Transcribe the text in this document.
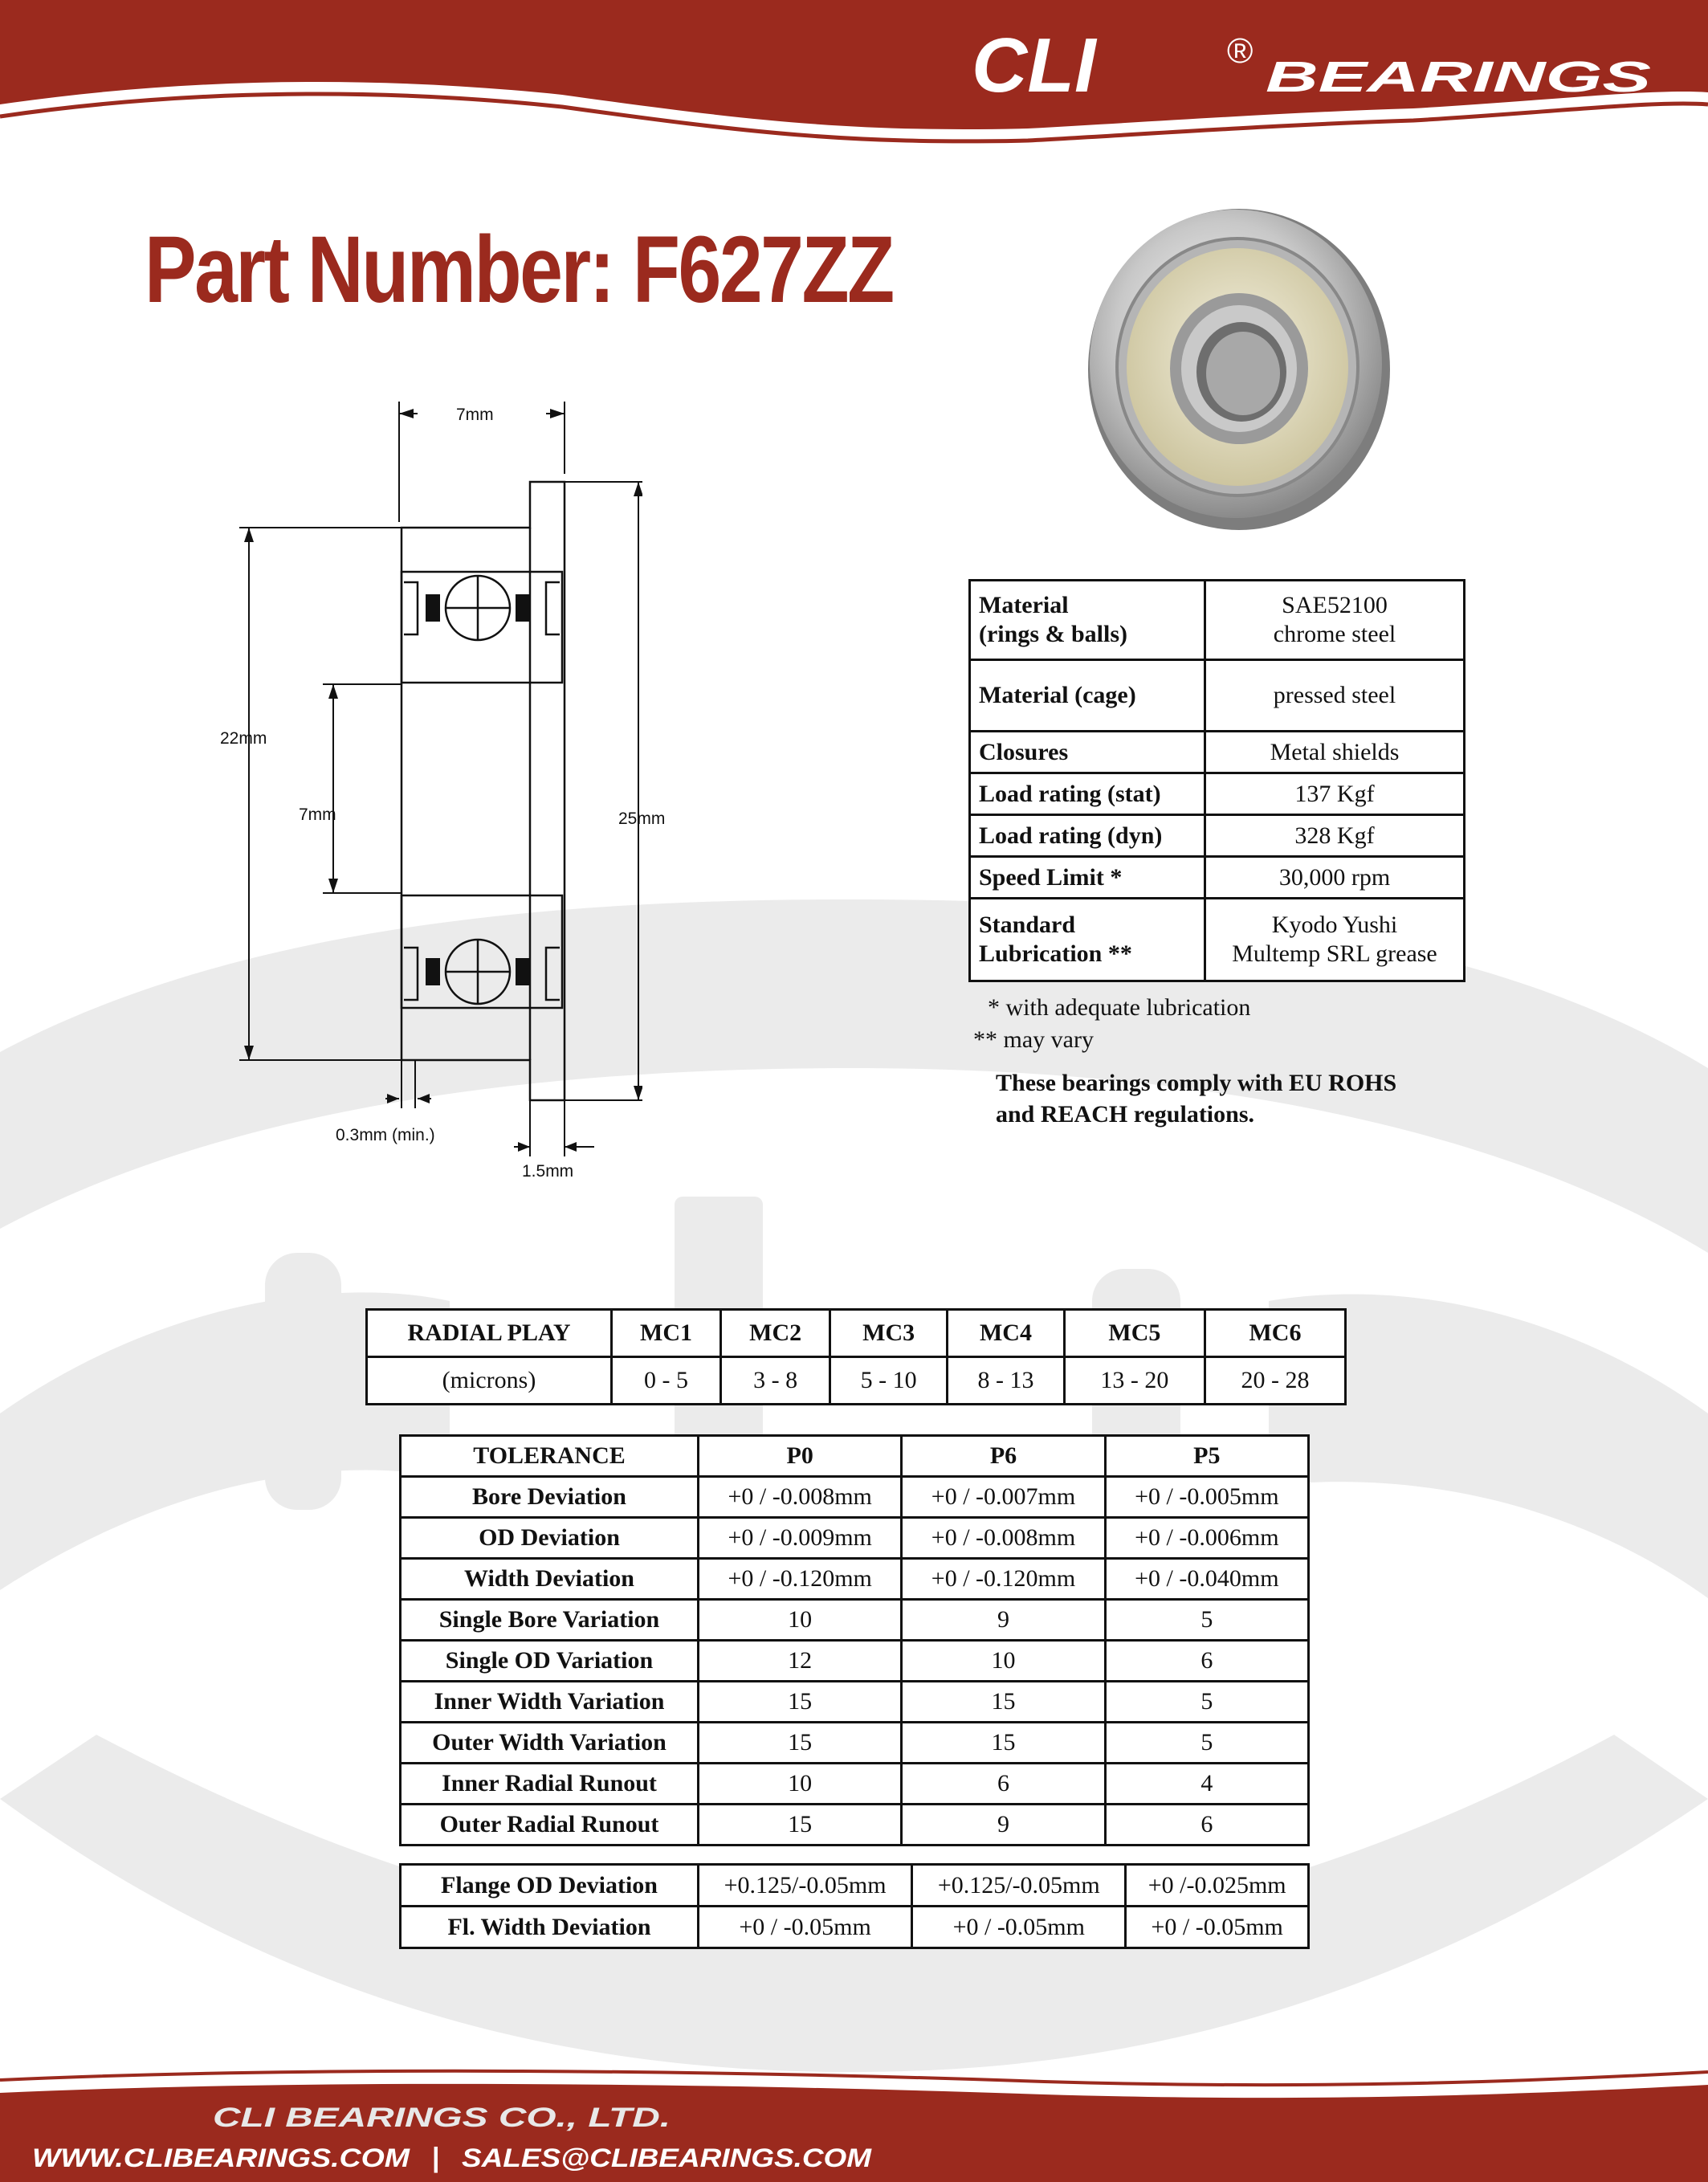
CLI	®
BEARINGS
Part Number: F627ZZ
7mm
22mm
7mm	25mm
0.3mm (min.)
1.5mm
Material
(rings & balls)	SAE52100
chrome steel
Material (cage)	pressed steel
Closures	Metal shields
Load rating (stat)	137 Kgf
Load rating (dyn)	328 Kgf
Speed Limit *	30,000 rpm
Standard
Lubrication **	Kyodo Yushi
Multemp SRL grease
* with adequate lubrication
** may vary
These bearings comply with EU ROHS
and REACH regulations.
RADIAL PLAY	MC1	MC2	MC3	MC4	MC5	MC6
(microns)	0 - 5	3 - 8	5 - 10	8 - 13	13 - 20	20 - 28
TOLERANCE	P0	P6	P5
Bore Deviation	+0 / -0.008mm	+0 / -0.007mm	+0 / -0.005mm
OD Deviation	+0 / -0.009mm	+0 / -0.008mm	+0 / -0.006mm
Width Deviation	+0 / -0.120mm	+0 / -0.120mm	+0 / -0.040mm
Single Bore Variation	10	9	5
Single OD Variation	12	10	6
Inner Width Variation	15	15	5
Outer Width Variation	15	15	5
Inner Radial Runout	10	6	4
Outer Radial Runout	15	9	6
Flange OD Deviation	+0.125/-0.05mm	+0.125/-0.05mm	+0 /-0.025mm
Fl. Width Deviation	+0 / -0.05mm	+0 / -0.05mm	+0 / -0.05mm
CLI BEARINGS CO., LTD.
WWW.CLIBEARINGS.COM | SALES@CLIBEARINGS.COM
